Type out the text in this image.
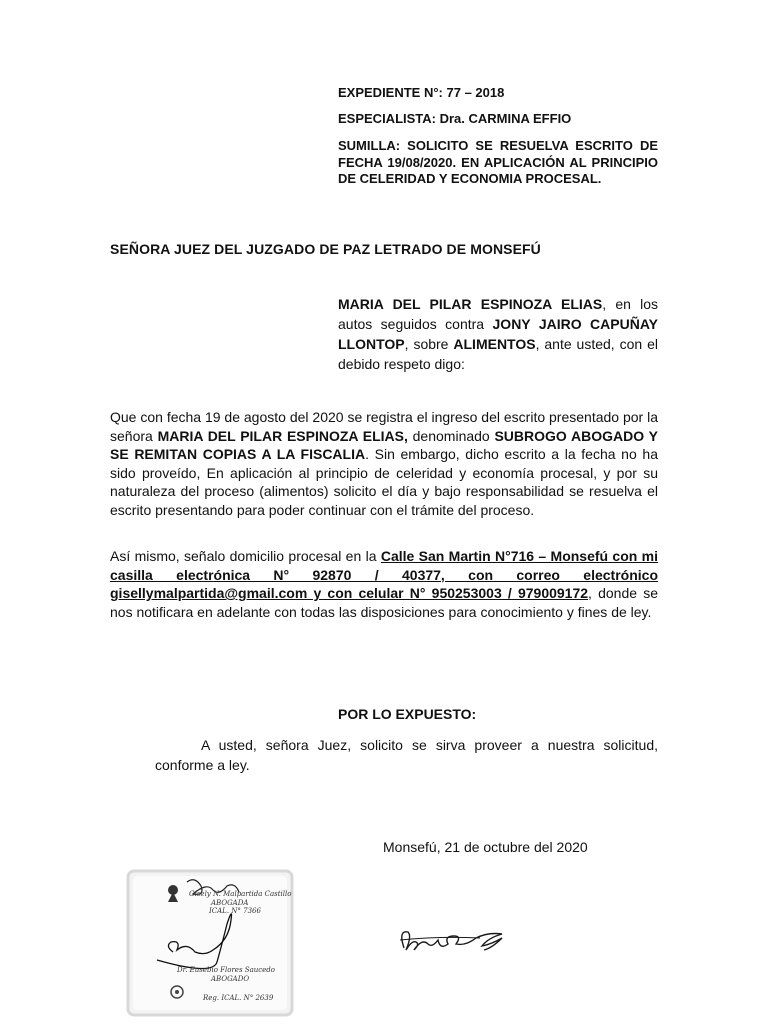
EXPEDIENTE N°: 77 – 2018
ESPECIALISTA: Dra. CARMINA EFFIO
SUMILLA: SOLICITO SE RESUELVA ESCRITO DE FECHA 19/08/2020. EN APLICACIÓN AL PRINCIPIO DE CELERIDAD Y ECONOMIA PROCESAL.
SEÑORA JUEZ DEL JUZGADO DE PAZ LETRADO DE MONSEFÚ
MARIA DEL PILAR ESPINOZA ELIAS, en los autos seguidos contra JONY JAIRO CAPUÑAY LLONTOP, sobre ALIMENTOS, ante usted, con el debido respeto digo:
Que con fecha 19 de agosto del 2020 se registra el ingreso del escrito presentado por la señora MARIA DEL PILAR ESPINOZA ELIAS, denominado SUBROGO ABOGADO Y SE REMITAN COPIAS A LA FISCALIA. Sin embargo, dicho escrito a la fecha no ha sido proveído, En aplicación al principio de celeridad y economía procesal, y por su naturaleza del proceso (alimentos) solicito el día y bajo responsabilidad se resuelva el escrito presentando para poder continuar con el trámite del proceso.
Así mismo, señalo domicilio procesal en la Calle San Martin N°716 – Monsefú con mi casilla electrónica N° 92870 / 40377, con correo electrónico gisellymalpartida@gmail.com y con celular N° 950253003 / 979009172, donde se nos notificara en adelante con todas las disposiciones para conocimiento y fines de ley.
POR LO EXPUESTO:
A usted, señora Juez, solicito se sirva proveer a nuestra solicitud, conforme a ley.
Monsefú, 21 de octubre del 2020
Gisely N. Malpartida Castillo
ABOGADA
ICAL. N° 7366
Dr. Eusebio Flores Saucedo
ABOGADO
Reg. ICAL. N° 2639
